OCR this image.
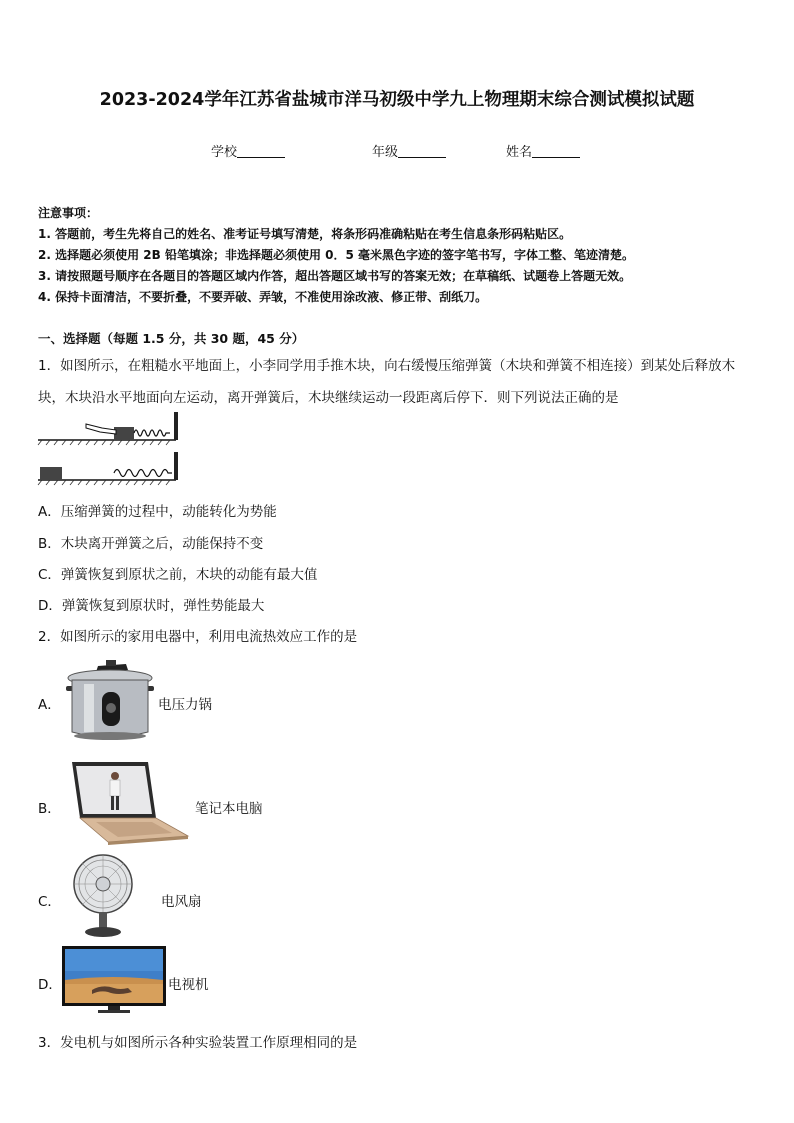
2023-2024学年江苏省盐城市洋马初级中学九上物理期末综合测试模拟试题
学校	年级	姓名
注意事项：
1. 答题前，考生先将自己的姓名、准考证号填写清楚，将条形码准确粘贴在考生信息条形码粘贴区。
2. 选择题必须使用 2B 铅笔填涂；非选择题必须使用 0．5 毫米黑色字迹的签字笔书写，字体工整、笔迹清楚。
3. 请按照题号顺序在各题目的答题区域内作答，超出答题区域书写的答案无效；在草稿纸、试题卷上答题无效。
4. 保持卡面清洁，不要折叠，不要弄破、弄皱，不准使用涂改液、修正带、刮纸刀。
一、选择题（每题 1.5 分，共 30 题，45 分）
1．如图所示，在粗糙水平地面上，小李同学用手推木块，向右缓慢压缩弹簧（木块和弹簧不相连接）到某处后释放木
块，木块沿水平地面向左运动，离开弹簧后，木块继续运动一段距离后停下．则下列说法正确的是
A．压缩弹簧的过程中，动能转化为势能
B．木块离开弹簧之后，动能保持不变
C．弹簧恢复到原状之前，木块的动能有最大值
D．弹簧恢复到原状时，弹性势能最大
2．如图所示的家用电器中，利用电流热效应工作的是
A．	电压力锅
B．	笔记本电脑
C．	电风扇
D．	电视机
3．发电机与如图所示各种实验装置工作原理相同的是
